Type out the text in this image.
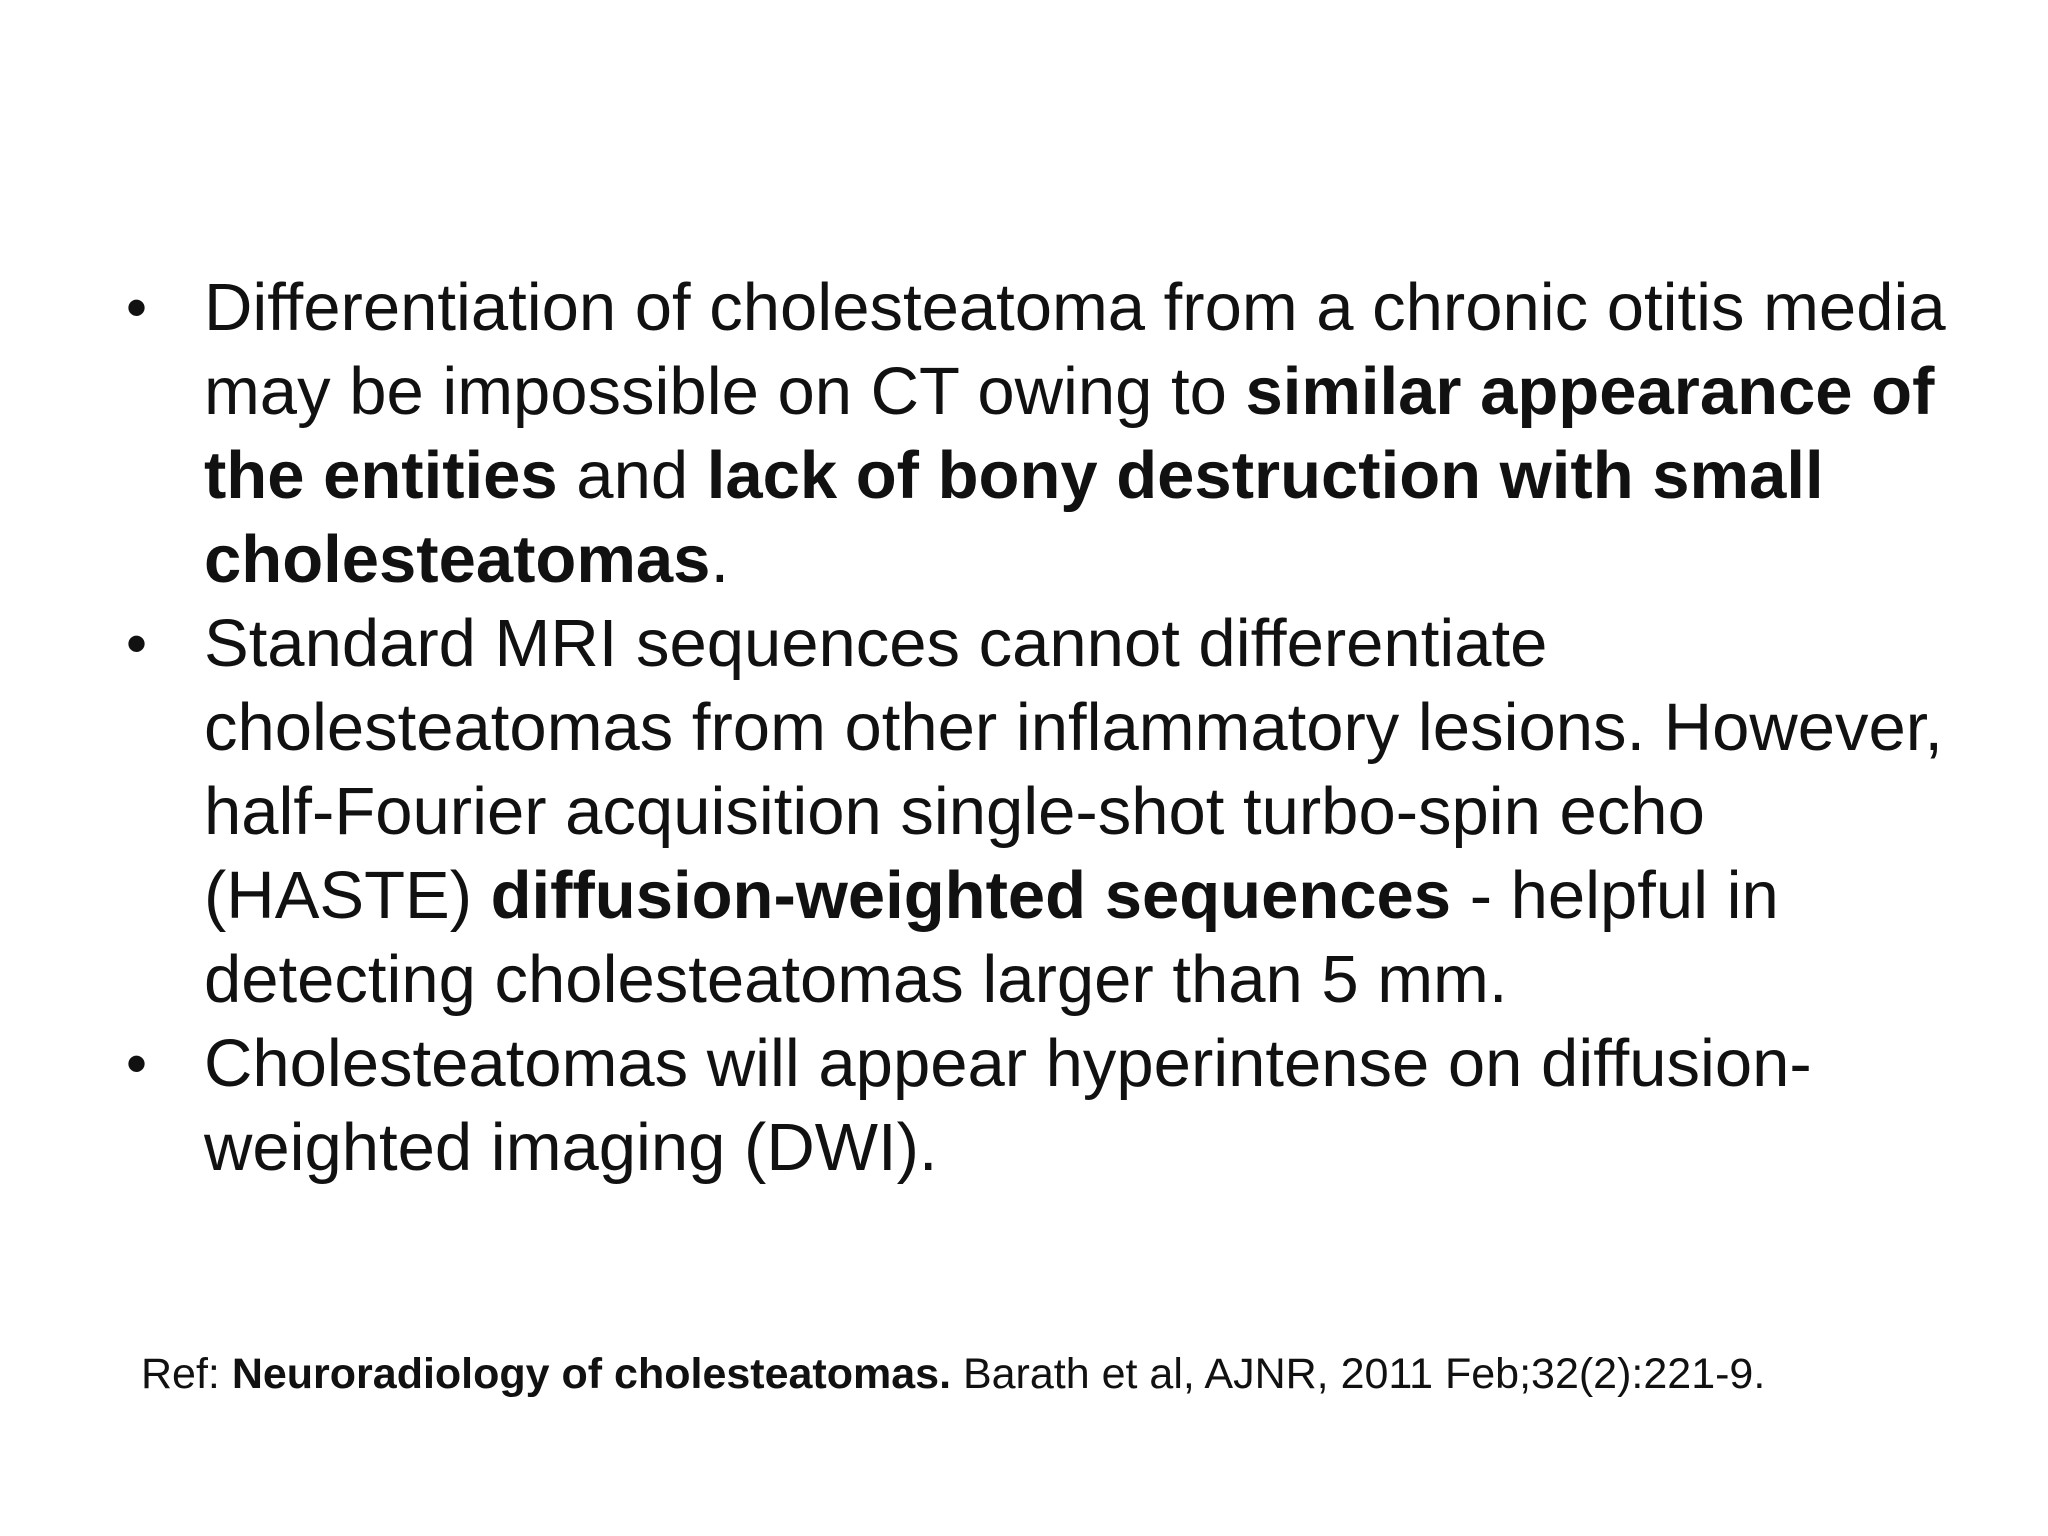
• Differentiation of cholesteatoma from a chronic otitis media may be impossible on CT owing to similar appearance of the entities and lack of bony destruction with small cholesteatomas.
• Standard MRI sequences cannot differentiate cholesteatomas from other inflammatory lesions. However, half-Fourier acquisition single-shot turbo-spin echo (HASTE) diffusion-weighted sequences - helpful in detecting cholesteatomas larger than 5 mm.
• Cholesteatomas will appear hyperintense on diffusion-weighted imaging (DWI).
Ref: Neuroradiology of cholesteatomas. Barath et al, AJNR, 2011 Feb;32(2):221-9.
